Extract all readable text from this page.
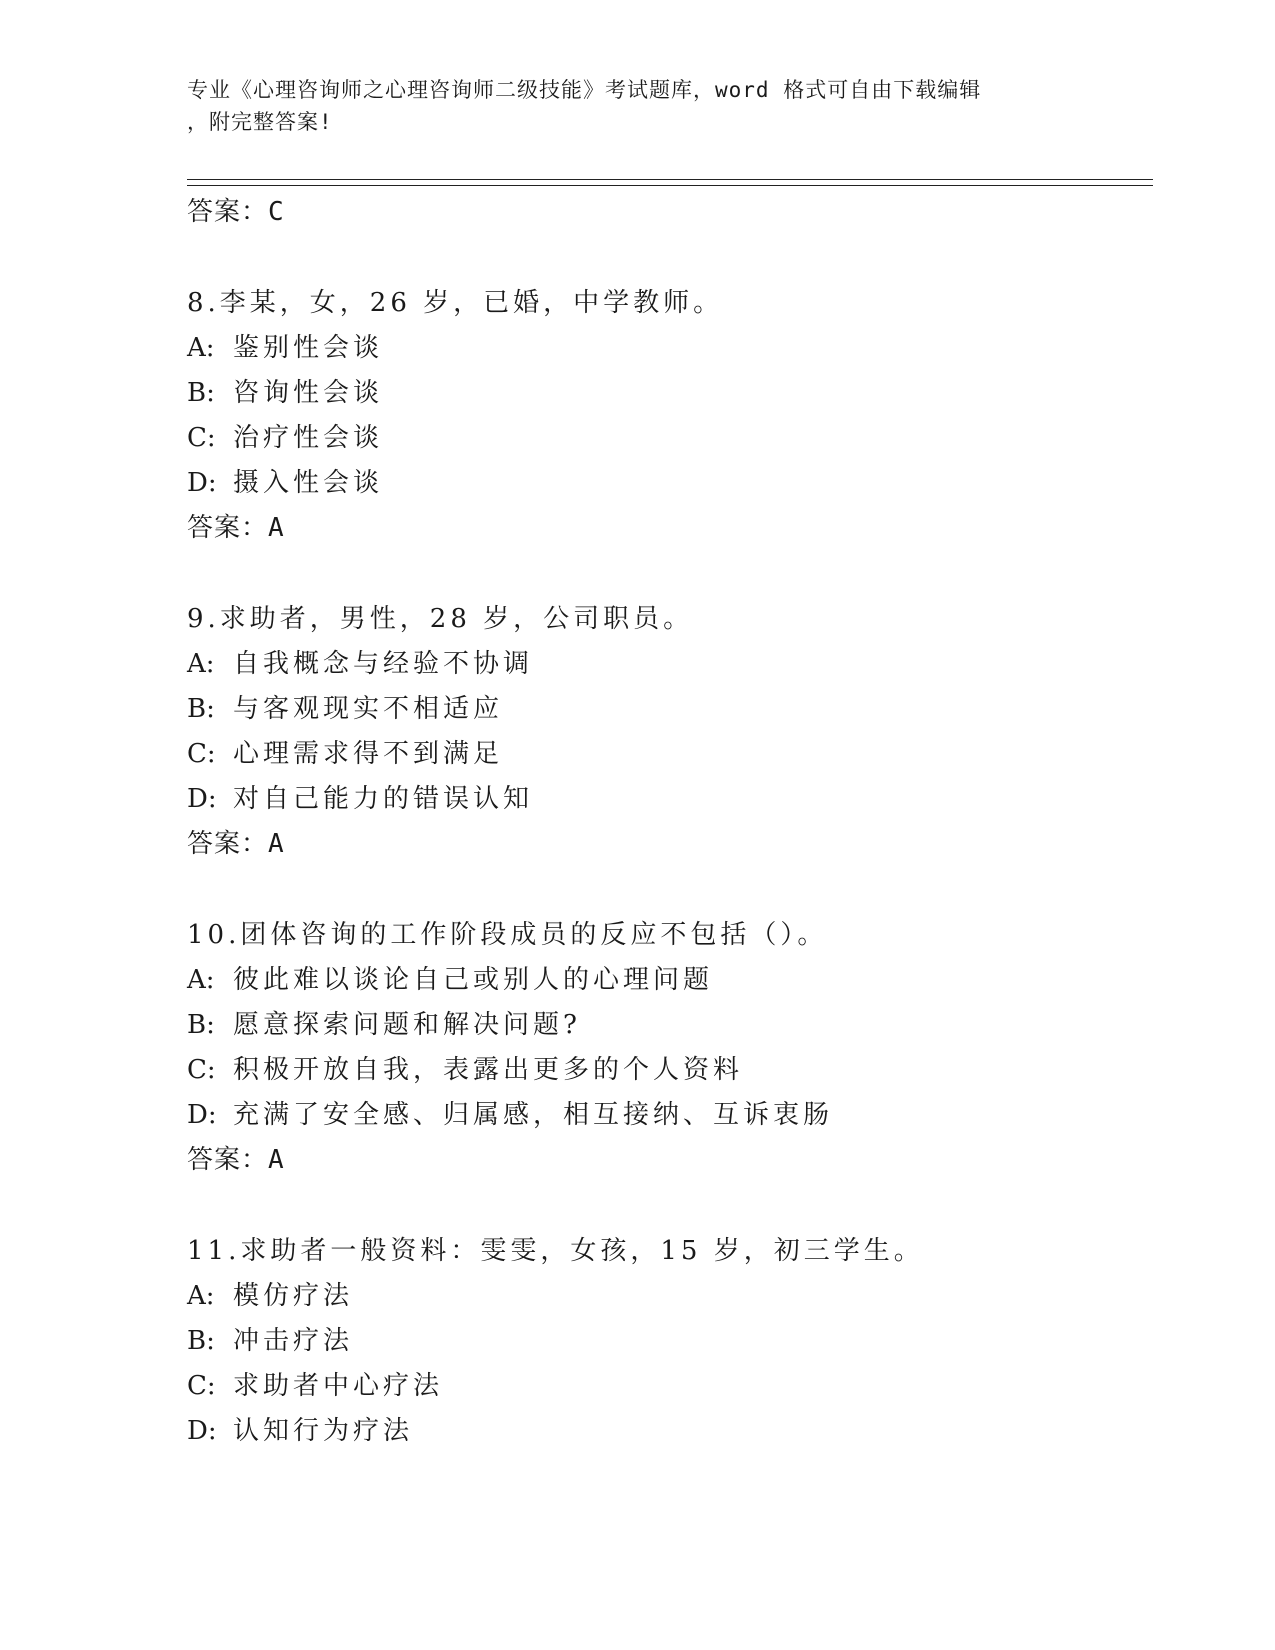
专业《心理咨询师之心理咨询师二级技能》考试题库，word 格式可自由下载编辑
，附完整答案!
答案：C
8.李某，女，26 岁，已婚，中学教师。
A: 鉴别性会谈
B: 咨询性会谈
C: 治疗性会谈
D: 摄入性会谈
答案：A
9.求助者，男性，28 岁，公司职员。
A: 自我概念与经验不协调
B: 与客观现实不相适应
C: 心理需求得不到满足
D: 对自己能力的错误认知
答案：A
10.团体咨询的工作阶段成员的反应不包括（）。
A: 彼此难以谈论自己或别人的心理问题
B: 愿意探索问题和解决问题?
C: 积极开放自我，表露出更多的个人资料
D: 充满了安全感、归属感，相互接纳、互诉衷肠
答案：A
11.求助者一般资料：雯雯，女孩，15 岁，初三学生。
A: 模仿疗法
B: 冲击疗法
C: 求助者中心疗法
D: 认知行为疗法
